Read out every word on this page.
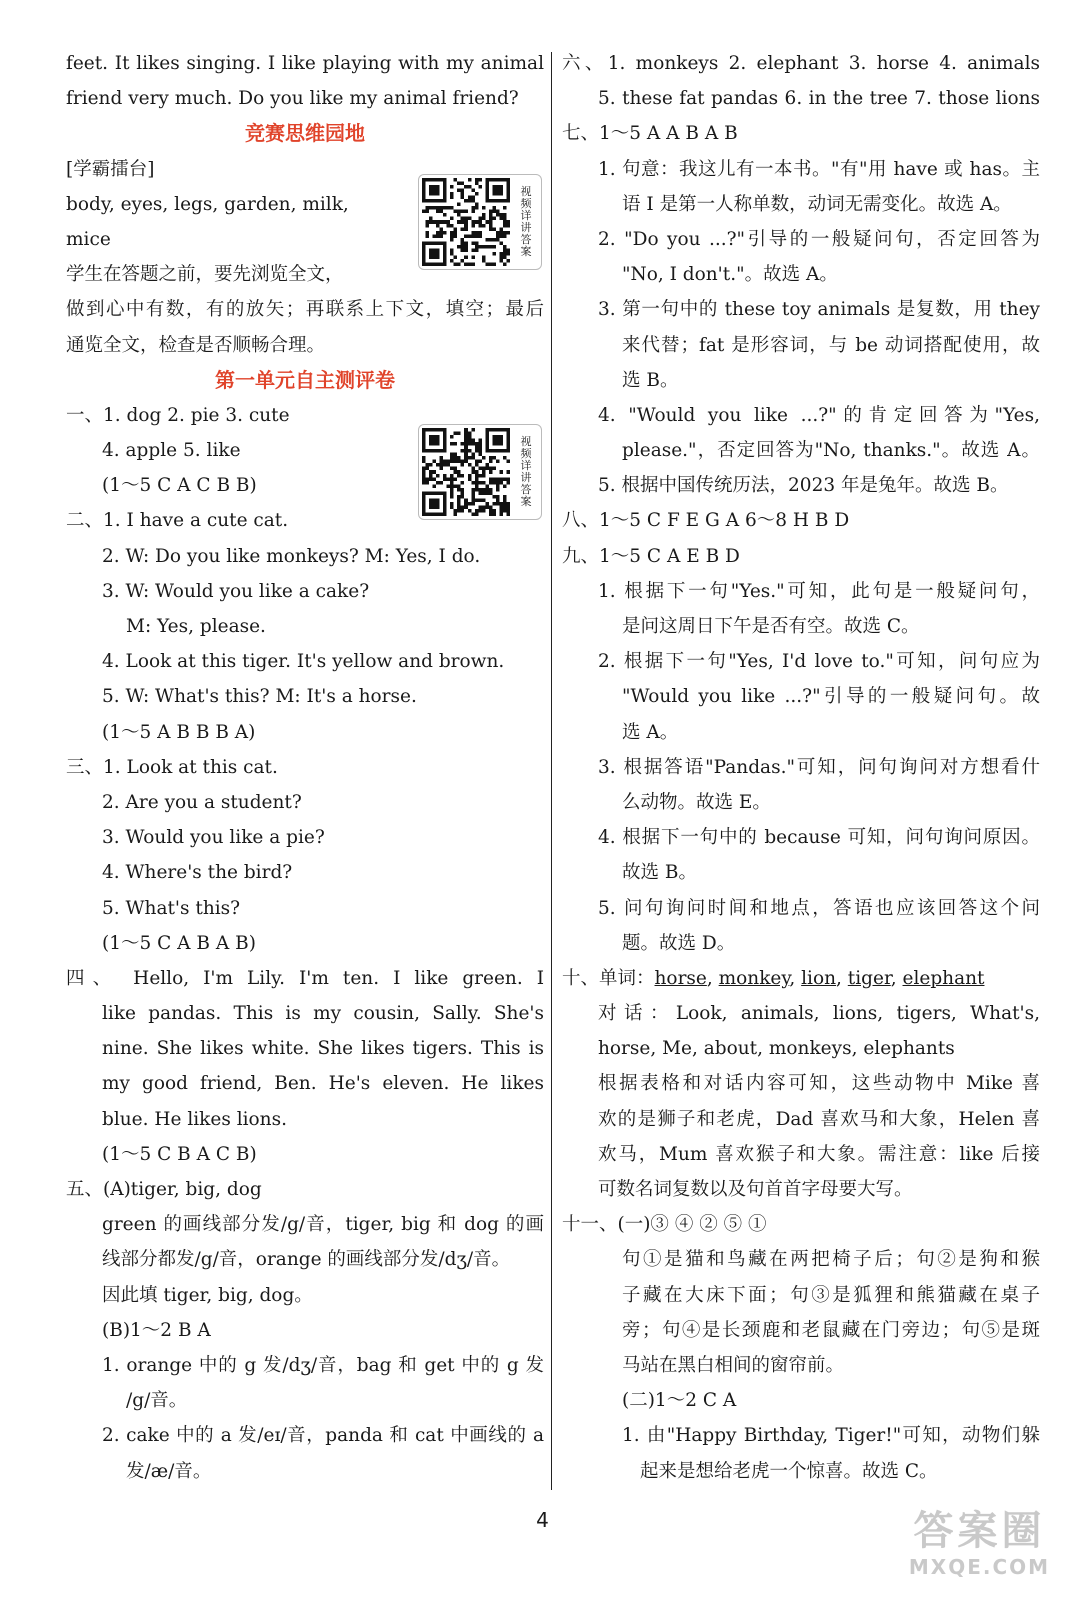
feet. It likes singing. I like playing with my animal
friend very much. Do you like my animal friend?
竞赛思维园地
[学霸擂台]
body, eyes, legs, garden, milk,
mice
学生在答题之前，要先浏览全文，
做到心中有数，有的放矢；再联系上下文，填空；最后
通览全文，检查是否顺畅合理。
第一单元自主测评卷
一、1. dog 2. pie 3. cute
4. apple 5. like
(1～5 C A C B B)
二、1. I have a cute cat.
2. W: Do you like monkeys? M: Yes, I do.
3. W: Would you like a cake?
M: Yes, please.
4. Look at this tiger. It's yellow and brown.
5. W: What's this? M: It's a horse.
(1～5 A B B B A)
三、1. Look at this cat.
2. Are you a student?
3. Would you like a pie?
4. Where's the bird?
5. What's this?
(1～5 C A B A B)
四、 Hello, I'm Lily. I'm ten. I like green. I
like pandas. This is my cousin, Sally. She's
nine. She likes white. She likes tigers. This is
my good friend, Ben. He's eleven. He likes
blue. He likes lions.
(1～5 C B A C B)
五、(A)tiger, big, dog
green 的画线部分发/g/音，tiger, big 和 dog 的画
线部分都发/g/音，orange 的画线部分发/dʒ/音。
因此填 tiger, big, dog。
(B)1～2 B A
1. orange 中的 g 发/dʒ/音，bag 和 get 中的 g 发
/g/音。
2. cake 中的 a 发/eɪ/音，panda 和 cat 中画线的 a
发/æ/音。
视频详讲答案
视频详讲答案
六、1. monkeys 2. elephant 3. horse 4. animals
5. these fat pandas 6. in the tree 7. those lions
七、1～5 A A B A B
1. 句意：我这儿有一本书。"有"用 have 或 has。主
语 I 是第一人称单数，动词无需变化。故选 A。
2. "Do you ...?"引导的一般疑问句，否定回答为
"No, I don't."。故选 A。
3. 第一句中的 these toy animals 是复数，用 they
来代替；fat 是形容词，与 be 动词搭配使用，故
选 B。
4. "Would you like ...?"的肯定回答为"Yes,
please."，否定回答为"No, thanks."。故选 A。
5. 根据中国传统历法，2023 年是兔年。故选 B。
八、1～5 C F E G A 6～8 H B D
九、1～5 C A E B D
1. 根据下一句"Yes."可知，此句是一般疑问句，
是问这周日下午是否有空。故选 C。
2. 根据下一句"Yes, I'd love to."可知，问句应为
"Would you like ...?"引导的一般疑问句。故
选 A。
3. 根据答语"Pandas."可知，问句询问对方想看什
么动物。故选 E。
4. 根据下一句中的 because 可知，问句询问原因。
故选 B。
5. 问句询问时间和地点，答语也应该回答这个问
题。故选 D。
十、单词：horse, monkey, lion, tiger, elephant
对话：Look, animals, lions, tigers, What's,
horse, Me, about, monkeys, elephants
根据表格和对话内容可知，这些动物中 Mike 喜
欢的是狮子和老虎，Dad 喜欢马和大象，Helen 喜
欢马，Mum 喜欢猴子和大象。需注意：like 后接
可数名词复数以及句首首字母要大写。
十一、(一)③ ④ ② ⑤ ①
句①是猫和鸟藏在两把椅子后；句②是狗和猴
子藏在大床下面；句③是狐狸和熊猫藏在桌子
旁；句④是长颈鹿和老鼠藏在门旁边；句⑤是斑
马站在黑白相间的窗帘前。
(二)1～2 C A
1. 由"Happy Birthday, Tiger!"可知，动物们躲
起来是想给老虎一个惊喜。故选 C。
4	答案圈
MXQE.COM
